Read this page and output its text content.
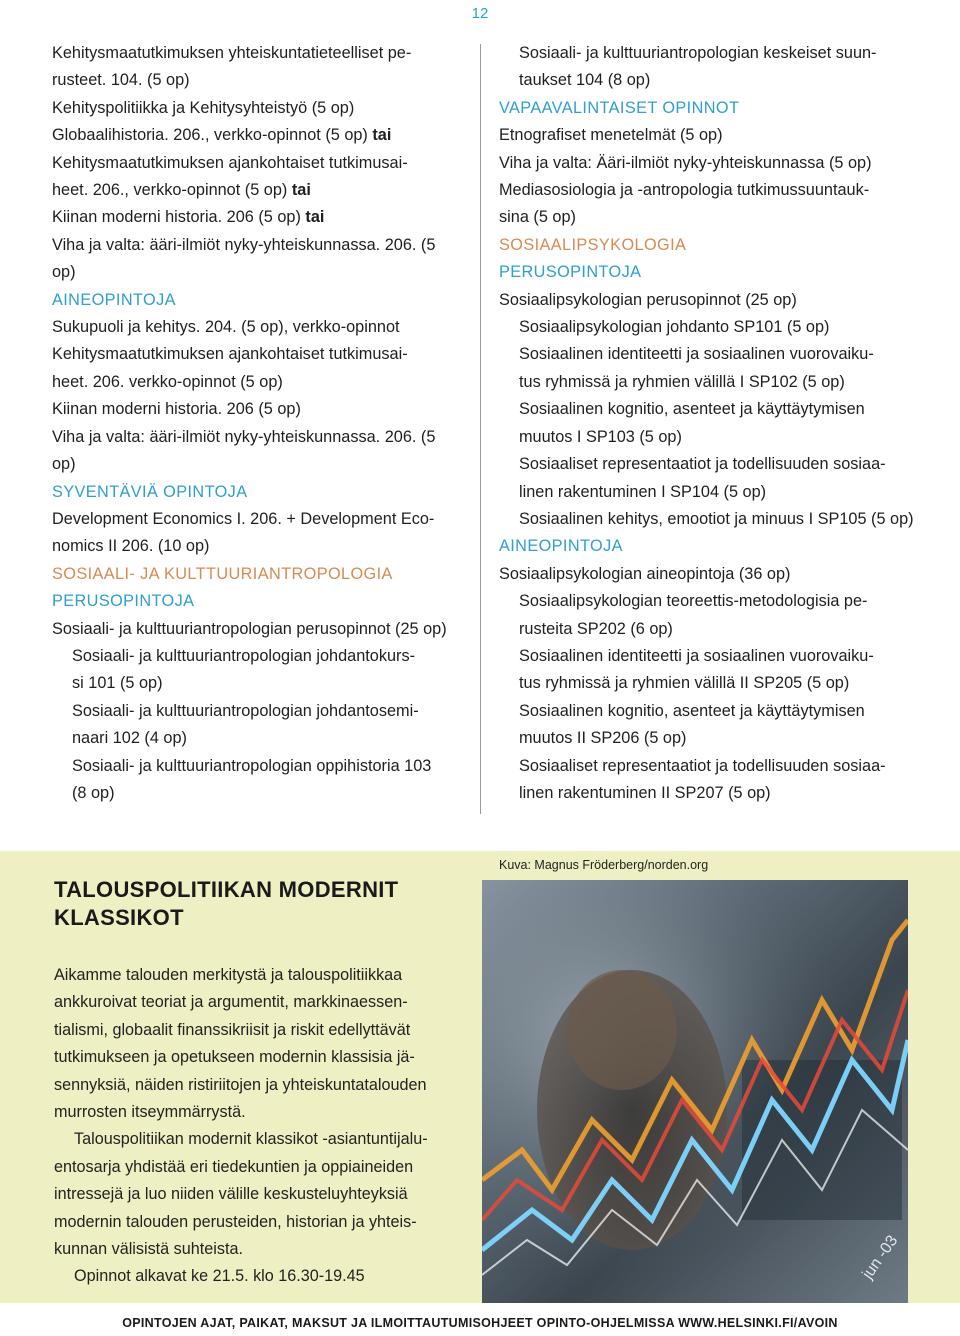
12
Kehitysmaatutkimuksen yhteiskuntatieteelliset pe-
rusteet. 104. (5 op)
Kehityspolitiikka ja Kehitysyhteistyö (5 op)
Globaalihistoria. 206., verkko-opinnot (5 op) tai
Kehitysmaatutkimuksen ajankohtaiset tutkimusai-
heet. 206., verkko-opinnot (5 op) tai
Kiinan moderni historia. 206 (5 op) tai
Viha ja valta: ääri-ilmiöt nyky-yhteiskunnassa. 206. (5
op)
AINEOPINTOJA
Sukupuoli ja kehitys. 204. (5 op), verkko-opinnot
Kehitysmaatutkimuksen ajankohtaiset tutkimusai-
heet. 206. verkko-opinnot (5 op)
Kiinan moderni historia. 206 (5 op)
Viha ja valta: ääri-ilmiöt nyky-yhteiskunnassa. 206. (5
op)
SYVENTÄVIÄ OPINTOJA
Development Economics I. 206. + Development Eco-
nomics II 206. (10 op)
SOSIAALI- JA KULTTUURIANTROPOLOGIA
PERUSOPINTOJA
Sosiaali- ja kulttuuriantropologian perusopinnot (25 op)
Sosiaali- ja kulttuuriantropologian johdantokurs-
si 101 (5 op)
Sosiaali- ja kulttuuriantropologian johdantosemi-
naari 102 (4 op)
Sosiaali- ja kulttuuriantropologian oppihistoria 103
(8 op)
Sosiaali- ja kulttuuriantropologian keskeiset suun-
taukset 104 (8 op)
VAPAAVALINTAISET OPINNOT
Etnografiset menetelmät (5 op)
Viha ja valta: Ääri-ilmiöt nyky-yhteiskunnassa (5 op)
Mediasosiologia ja -antropologia tutkimussuuntauk-
sina (5 op)
SOSIAALIPSYKOLOGIA
PERUSOPINTOJA
Sosiaalipsykologian perusopinnot (25 op)
Sosiaalipsykologian johdanto SP101 (5 op)
Sosiaalinen identiteetti ja sosiaalinen vuorovaiku-
tus ryhmissä ja ryhmien välillä I SP102 (5 op)
Sosiaalinen kognitio, asenteet ja käyttäytymisen
muutos I SP103 (5 op)
Sosiaaliset representaatiot ja todellisuuden sosiaa-
linen rakentuminen I SP104 (5 op)
Sosiaalinen kehitys, emootiot ja minuus I SP105 (5 op)
AINEOPINTOJA
Sosiaalipsykologian aineopintoja (36 op)
Sosiaalipsykologian teoreettis-metodologisia pe-
rusteita SP202 (6 op)
Sosiaalinen identiteetti ja sosiaalinen vuorovaiku-
tus ryhmissä ja ryhmien välillä II SP205 (5 op)
Sosiaalinen kognitio, asenteet ja käyttäytymisen
muutos II SP206 (5 op)
Sosiaaliset representaatiot ja todellisuuden sosiaa-
linen rakentuminen II SP207 (5 op)
jun -03
Kuva: Magnus Fröderberg/norden.org
TALOUSPOLITIIKAN MODERNIT
KLASSIKOT
Aikamme talouden merkitystä ja talouspolitiikkaa
ankkuroivat teoriat ja argumentit, markkinaessen-
tialismi, globaalit finanssikriisit ja riskit edellyttävät
tutkimukseen ja opetukseen modernin klassisia jä-
sennyksiä, näiden ristiriitojen ja yhteiskuntatalouden
murrosten itseymmärrystä.
Talouspolitiikan modernit klassikot -asiantuntijalu-
entosarja yhdistää eri tiedekuntien ja oppiaineiden
intressejä ja luo niiden välille keskusteluyhteyksiä
modernin talouden perusteiden, historian ja yhteis-
kunnan välisistä suhteista.
Opinnot alkavat ke 21.5. klo 16.30-19.45
OPINTOJEN AJAT, PAIKAT, MAKSUT JA ILMOITTAUTUMISOHJEET OPINTO-OHJELMISSA WWW.HELSINKI.FI/AVOIN
